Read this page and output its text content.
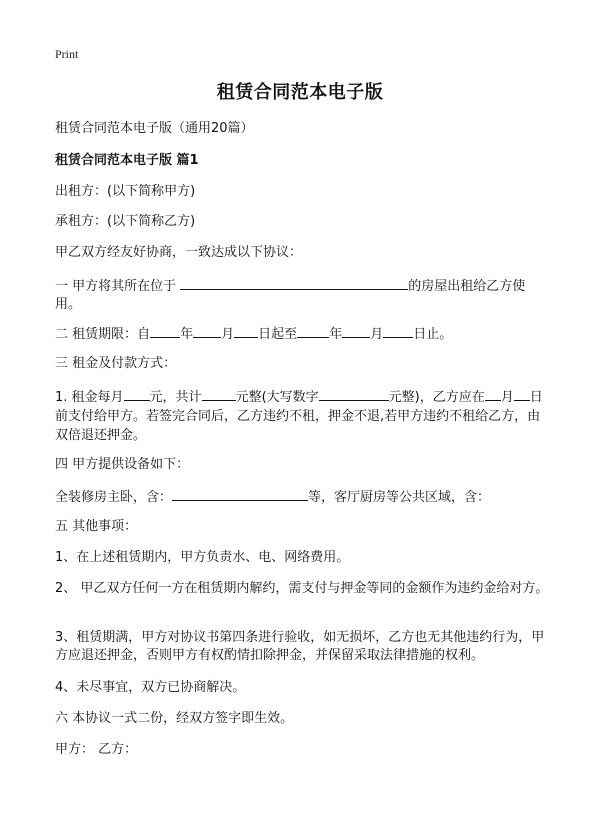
Print
租赁合同范本电子版

租赁合同范本电子版（通用20篇）

租赁合同范本电子版 篇1

出租方：(以下简称甲方)

承租方：(以下简称乙方)

甲乙双方经友好协商，一致达成以下协议：

一 甲方将其所在位于	的房屋出租给乙方使用。

二 租赁期限：自 年 月 日起至 年 月 日止。

三 租金及付款方式：

1. 租金每月 元，共计	元整(大写数字	元整)，乙方应在 月 日前支付给甲方。若签完合同后，乙方违约不租，押金不退,若甲方违约不租给乙方，由双倍退还押金。

四 甲方提供设备如下：

全装修房主卧，含：	等，客厅厨房等公共区域，含：

五 其他事项：

1、在上述租赁期内，甲方负责水、电、网络费用。

2、 甲乙双方任何一方在租赁期内解约，需支付与押金等同的金额作为违约金给对方。

3、租赁期满，甲方对协议书第四条进行验收，如无损坏，乙方也无其他违约行为，甲方应退还押金，否则甲方有权酌情扣除押金，并保留采取法律措施的权利。

4、未尽事宜，双方已协商解决。

六 本协议一式二份，经双方签字即生效。

甲方： 乙方：
